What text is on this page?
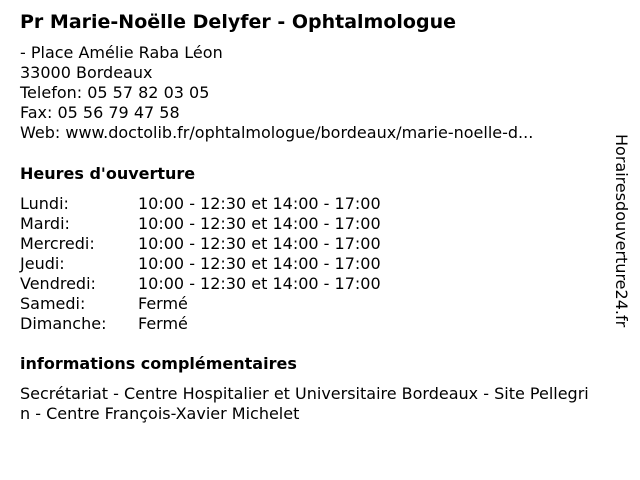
Pr Marie-Noëlle Delyfer - Ophtalmologue
- Place Amélie Raba Léon
33000 Bordeaux
Telefon: 05 57 82 03 05
Fax: 05 56 79 47 58
Web: www.doctolib.fr/ophtalmologue/bordeaux/marie-noelle-d...
Heures d'ouverture
Lundi:	10:00 - 12:30 et 14:00 - 17:00
Mardi:	10:00 - 12:30 et 14:00 - 17:00
Mercredi:	10:00 - 12:30 et 14:00 - 17:00
Jeudi:	10:00 - 12:30 et 14:00 - 17:00
Vendredi:	10:00 - 12:30 et 14:00 - 17:00
Samedi:	Fermé
Dimanche:	Fermé
informations complémentaires
Secrétariat - Centre Hospitalier et Universitaire Bordeaux - Site Pellegrin - Centre François-Xavier Michelet
Horairesdouverture24.fr
